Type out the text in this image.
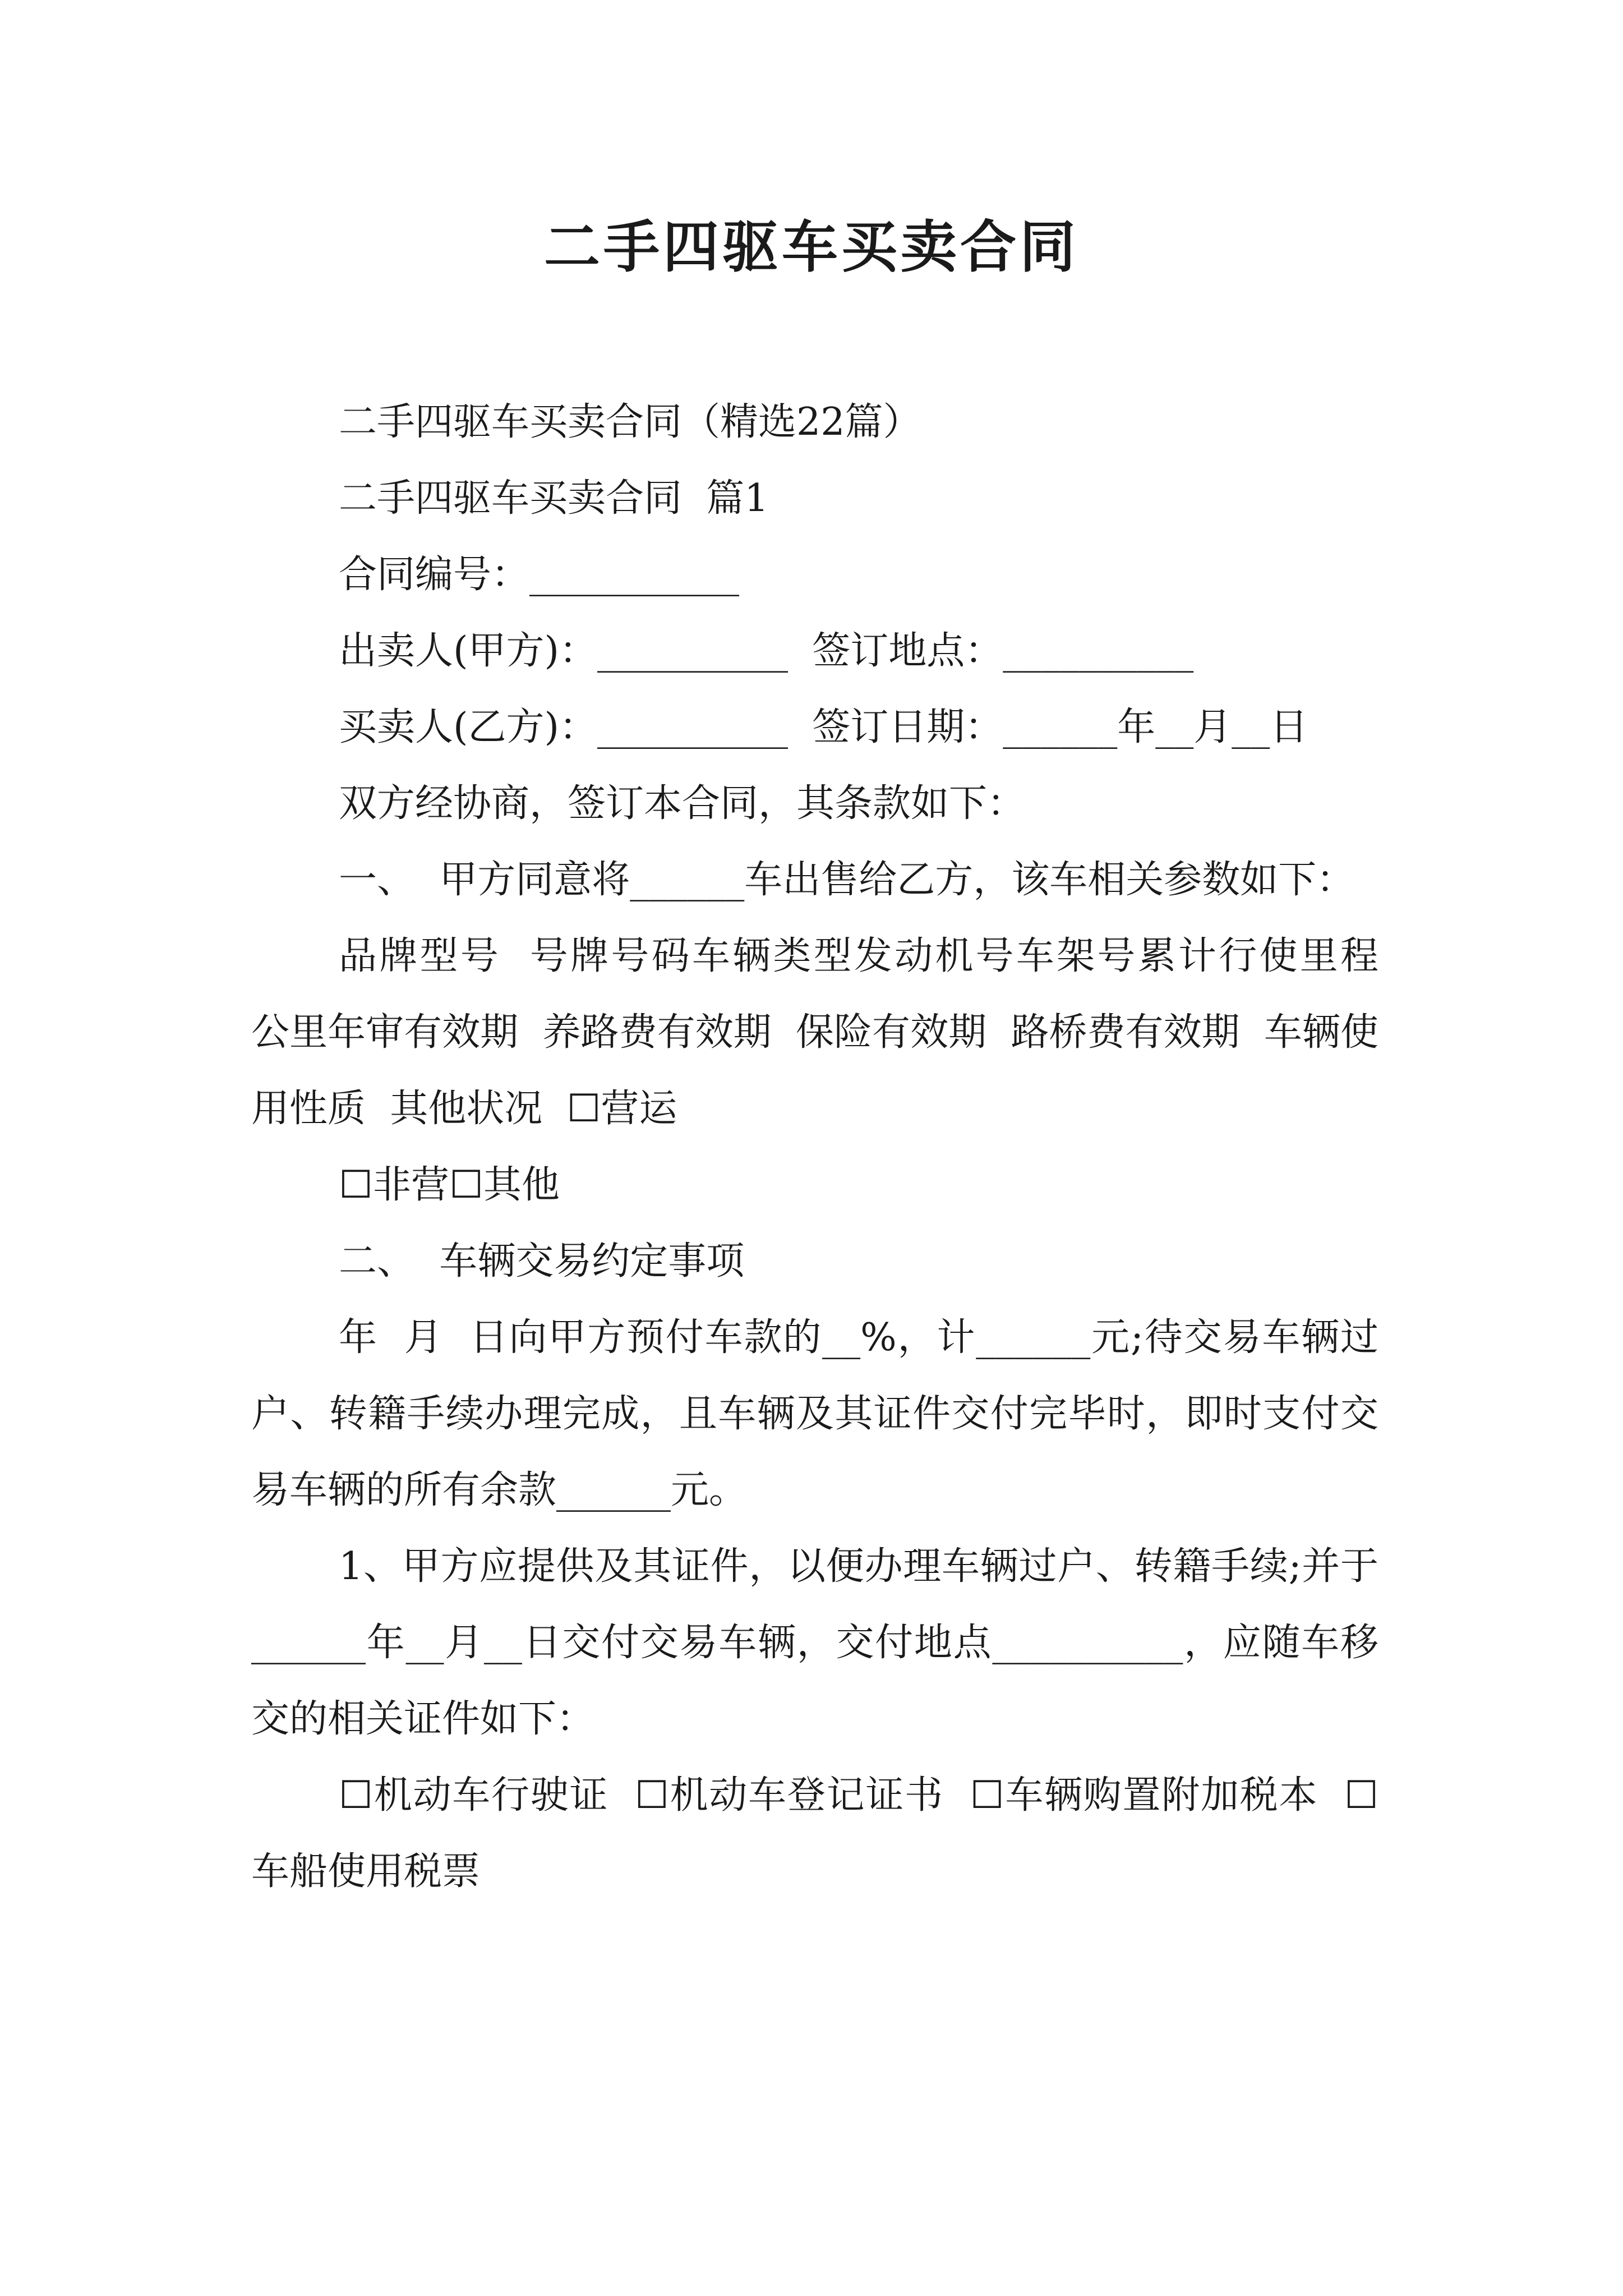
二手四驱车买卖合同

二手四驱车买卖合同（精选22篇）

二手四驱车买卖合同  篇1

合同编号：___________

出卖人(甲方)：__________  签订地点：__________

买卖人(乙方)：__________  签订日期：______年__月__日

双方经协商，签订本合同，其条款如下：

一、  甲方同意将______车出售给乙方，该车相关参数如下：

品牌型号  号牌号码车辆类型发动机号车架号累计行使里程  公里年审有效期  养路费有效期  保险有效期  路桥费有效期  车辆使用性质  其他状况  ☐营运

☐非营☐其他

二、  车辆交易约定事项

年  月  日向甲方预付车款的__%，计______元;待交易车辆过户、转籍手续办理完成，且车辆及其证件交付完毕时，即时支付交易车辆的所有余款______元。

1、甲方应提供及其证件，以便办理车辆过户、转籍手续;并于______年__月__日交付交易车辆，交付地点__________，应随车移交的相关证件如下：

☐机动车行驶证  ☐机动车登记证书  ☐车辆购置附加税本  ☐车船使用税票
